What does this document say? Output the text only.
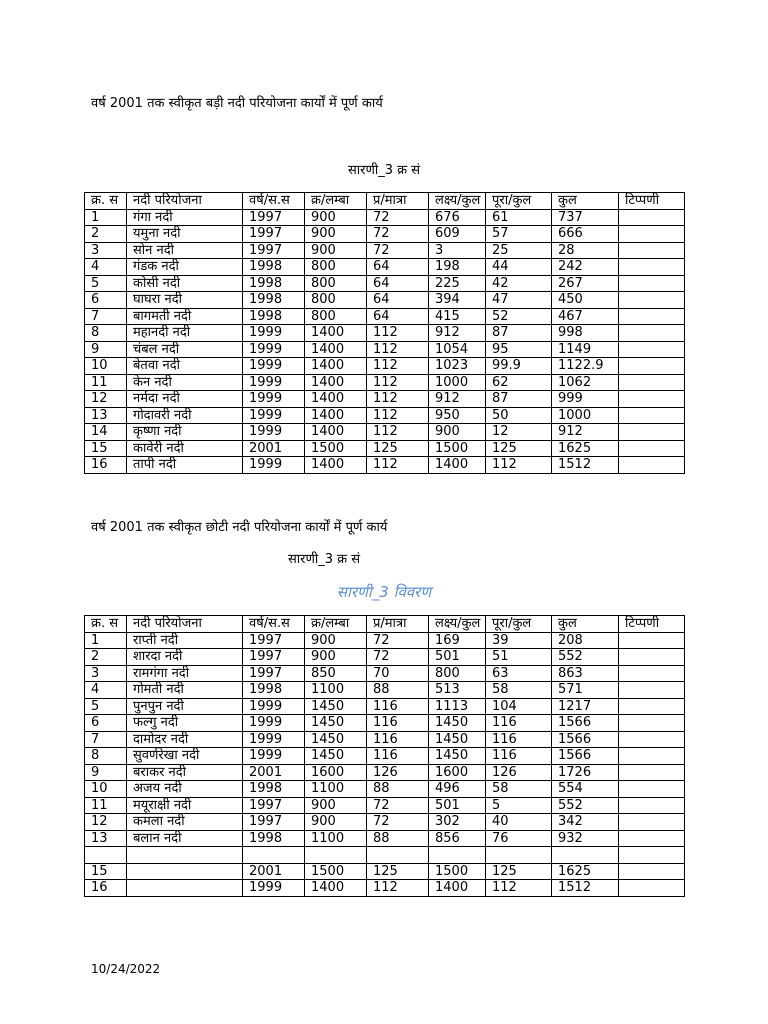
वर्ष 2001 तक स्वीकृत बड़ी नदी परियोजना कार्यों में पूर्ण कार्य
सारणी_3 क्र सं
क्र. स	नदी परियोजना	वर्ष/स.स	क्र/लम्बा	प्र/मात्रा	लक्ष्य/कुल	पूरा/कुल	कुल	टिप्पणी
1	गंगा नदी	1997	900	72	676	61	737	
2	यमुना नदी	1997	900	72	609	57	666	
3	सोन नदी	1997	900	72	3	25	28	
4	गंडक नदी	1998	800	64	198	44	242	
5	कोसी नदी	1998	800	64	225	42	267	
6	घाघरा नदी	1998	800	64	394	47	450	
7	बागमती नदी	1998	800	64	415	52	467	
8	महानदी नदी	1999	1400	112	912	87	998	
9	चंबल नदी	1999	1400	112	1054	95	1149	
10	बेतवा नदी	1999	1400	112	1023	99.9	1122.9	
11	केन नदी	1999	1400	112	1000	62	1062	
12	नर्मदा नदी	1999	1400	112	912	87	999	
13	गोदावरी नदी	1999	1400	112	950	50	1000	
14	कृष्णा नदी	1999	1400	112	900	12	912	
15	कावेरी नदी	2001	1500	125	1500	125	1625	
16	तापी नदी	1999	1400	112	1400	112	1512	
वर्ष 2001 तक स्वीकृत छोटी नदी परियोजना कार्यों में पूर्ण कार्य
सारणी_3 क्र सं
सारणी_3 विवरण
क्र. स	नदी परियोजना	वर्ष/स.स	क्र/लम्बा	प्र/मात्रा	लक्ष्य/कुल	पूरा/कुल	कुल	टिप्पणी
1	राप्ती नदी	1997	900	72	169	39	208	
2	शारदा नदी	1997	900	72	501	51	552	
3	रामगंगा नदी	1997	850	70	800	63	863	
4	गोमती नदी	1998	1100	88	513	58	571	
5	पुनपुन नदी	1999	1450	116	1113	104	1217	
6	फल्गु नदी	1999	1450	116	1450	116	1566	
7	दामोदर नदी	1999	1450	116	1450	116	1566	
8	सुवर्णरेखा नदी	1999	1450	116	1450	116	1566	
9	बराकर नदी	2001	1600	126	1600	126	1726	
10	अजय नदी	1998	1100	88	496	58	554	
11	मयूराक्षी नदी	1997	900	72	501	5	552	
12	कमला नदी	1997	900	72	302	40	342	
13	बलान नदी	1998	1100	88	856	76	932	

15		2001	1500	125	1500	125	1625	
16		1999	1400	112	1400	112	1512	
10/24/2022
